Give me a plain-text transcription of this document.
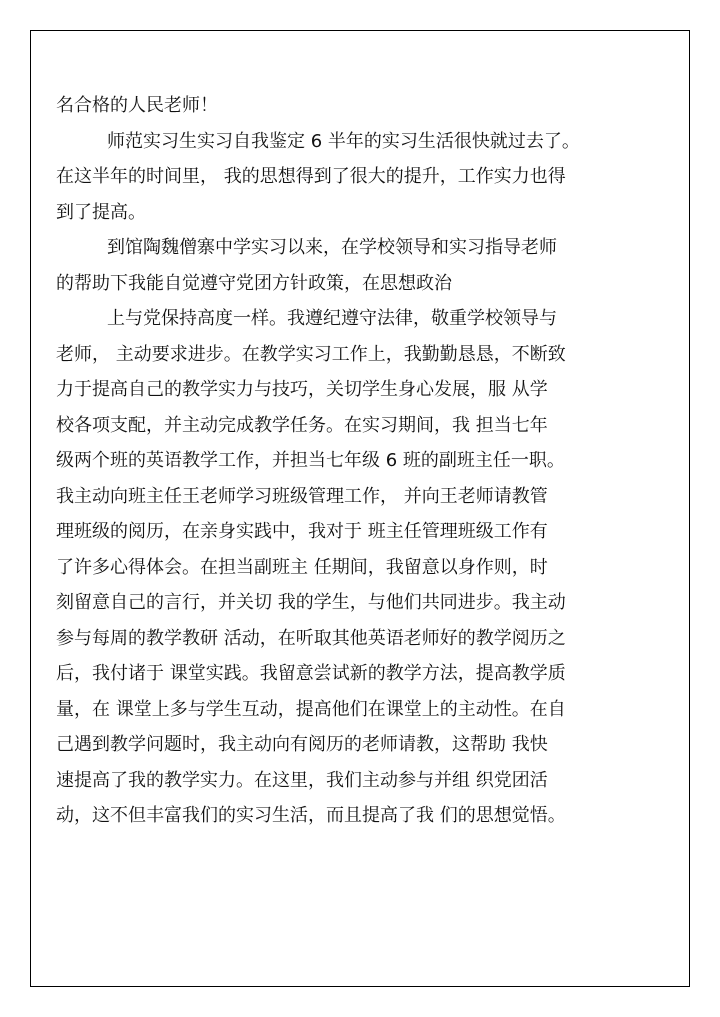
名合格的人民老师！
师范实习生实习自我鉴定 6 半年的实习生活很快就过去了。
在这半年的时间里， 我的思想得到了很大的提升，工作实力也得
到了提高。
到馆陶魏僧寨中学实习以来，在学校领导和实习指导老师
的帮助下我能自觉遵守党团方针政策，在思想政治
上与党保持高度一样。我遵纪遵守法律，敬重学校领导与
老师， 主动要求进步。在教学实习工作上，我勤勤恳恳，不断致
力于提高自己的教学实力与技巧，关切学生身心发展，服 从学
校各项支配，并主动完成教学任务。在实习期间，我 担当七年
级两个班的英语教学工作，并担当七年级 6 班的副班主任一职。
我主动向班主任王老师学习班级管理工作， 并向王老师请教管
理班级的阅历，在亲身实践中，我对于 班主任管理班级工作有
了许多心得体会。在担当副班主 任期间，我留意以身作则，时
刻留意自己的言行，并关切 我的学生，与他们共同进步。我主动
参与每周的教学教研 活动，在听取其他英语老师好的教学阅历之
后，我付诸于 课堂实践。我留意尝试新的教学方法，提高教学质
量，在 课堂上多与学生互动，提高他们在课堂上的主动性。在自
己遇到教学问题时，我主动向有阅历的老师请教，这帮助 我快
速提高了我的教学实力。在这里，我们主动参与并组 织党团活
动，这不但丰富我们的实习生活，而且提高了我 们的思想觉悟。
